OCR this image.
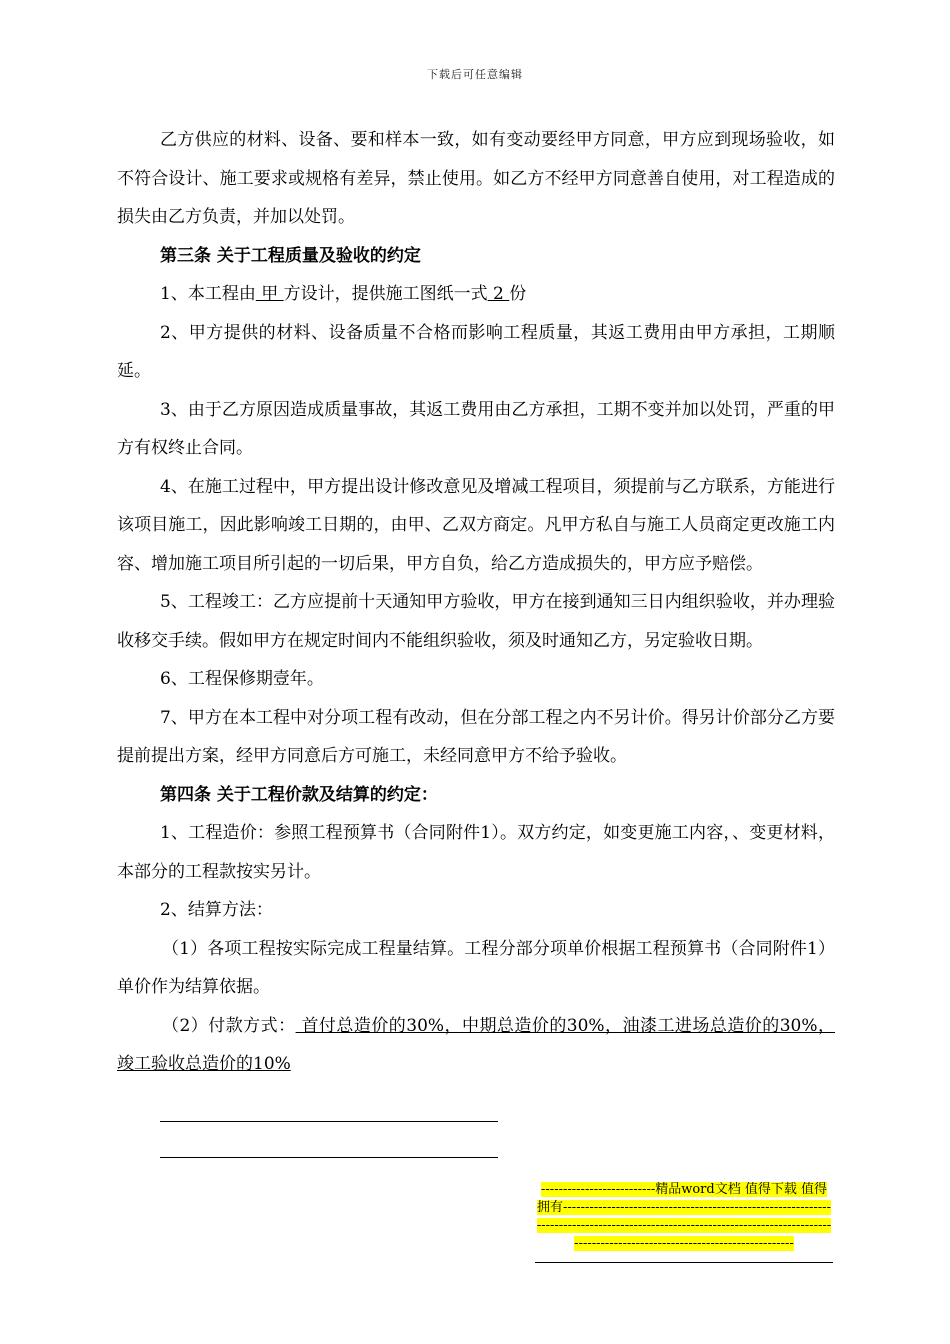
下载后可任意编辑

乙方供应的材料、设备、要和样本一致，如有变动要经甲方同意，甲方应到现场验收，如不符合设计、施工要求或规格有差异，禁止使用。如乙方不经甲方同意善自使用，对工程造成的损失由乙方负责，并加以处罚。

第三条 关于工程质量及验收的约定

1、本工程由 甲 方设计，提供施工图纸一式 2 份

2、甲方提供的材料、设备质量不合格而影响工程质量，其返工费用由甲方承担，工期顺延。

3、由于乙方原因造成质量事故，其返工费用由乙方承担，工期不变并加以处罚，严重的甲方有权终止合同。

4、在施工过程中，甲方提出设计修改意见及增减工程项目，须提前与乙方联系，方能进行该项目施工，因此影响竣工日期的，由甲、乙双方商定。凡甲方私自与施工人员商定更改施工内容、增加施工项目所引起的一切后果，甲方自负，给乙方造成损失的，甲方应予赔偿。

5、工程竣工：乙方应提前十天通知甲方验收，甲方在接到通知三日内组织验收，并办理验收移交手续。假如甲方在规定时间内不能组织验收，须及时通知乙方，另定验收日期。

6、工程保修期壹年。

7、甲方在本工程中对分项工程有改动，但在分部工程之内不另计价。得另计价部分乙方要提前提出方案，经甲方同意后方可施工，未经同意甲方不给予验收。

第四条 关于工程价款及结算的约定：

1、工程造价：参照工程预算书（合同附件1）。双方约定，如变更施工内容，、变更材料，本部分的工程款按实另计。

2、结算方法：

（1）各项工程按实际完成工程量结算。工程分部分项单价根据工程预算书（合同附件1）单价作为结算依据。

（2）付款方式： 首付总造价的30%，中期总造价的30%，油漆工进场总造价的30%，竣工验收总造价的10%

--------------------------精品word文档 值得下载 值得拥有----------------------------------------------------------------------------------------------------------------------------------------------------------------------------------
